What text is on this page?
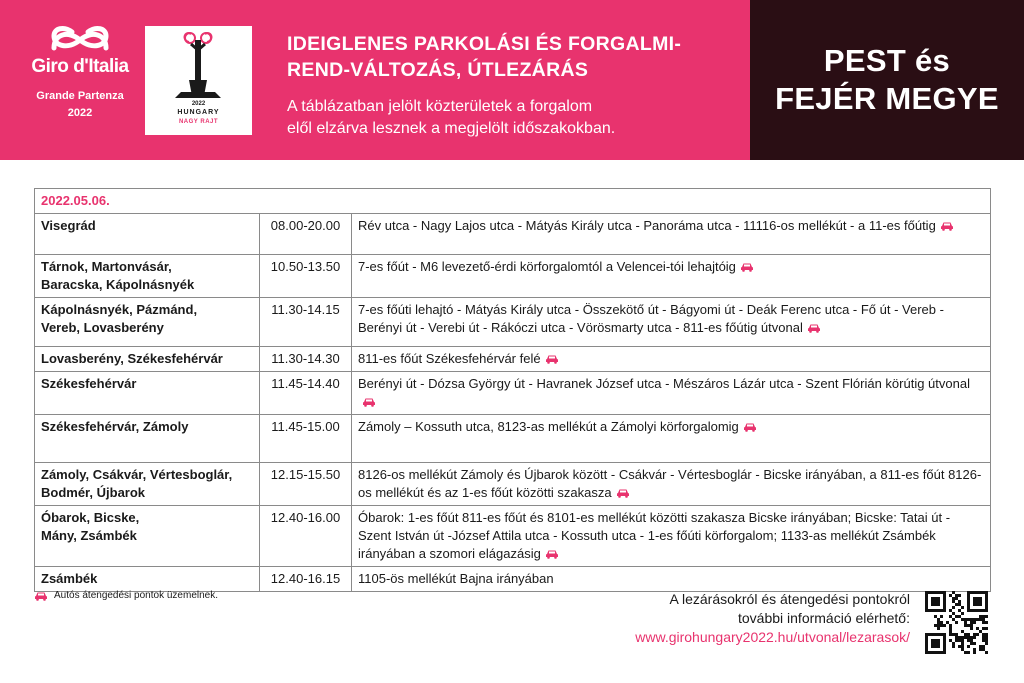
Giro d'Italia
Grande Partenza
2022
2022
HUNGARY
NAGY RAJT
IDEIGLENES PARKOLÁSI ÉS FORGALMI-
REND-VÁLTOZÁS, ÚTLEZÁRÁS
A táblázatban jelölt közterületek a forgalom
elől elzárva lesznek a megjelölt időszakokban.
PEST és
FEJÉR MEGYE
2022.05.06.		

Visegrád	08.00-20.00	Rév utca - Nagy Lajos utca - Mátyás Király utca - Panoráma utca - 11116-os mellékút - a 11-es főútig

Tárnok, Martonvásár,
Baracska, Kápolnásnyék	10.50-13.50	7-es főút - M6 levezető-érdi körforgalomtól a Velencei-tói lehajtóig

Kápolnásnyék, Pázmánd,
Vereb, Lovasberény	11.30-14.15	7-es főúti lehajtó - Mátyás Király utca - Összekötő út - Bágyomi út - Deák Ferenc utca - Fő út - Vereb - Berényi út - Verebi út - Rákóczi utca - Vörösmarty utca - 811-es főútig útvonal

Lovasberény, Székesfehérvár	11.30-14.30	811-es főút Székesfehérvár felé

Székesfehérvár	11.45-14.40	Berényi út - Dózsa György út - Havranek József utca - Mészáros Lázár utca - Szent Flórián körútig útvonal

Székesfehérvár, Zámoly	11.45-15.00	Zámoly – Kossuth utca, 8123-as mellékút a Zámolyi körforgalomig

Zámoly, Csákvár, Vértesboglár,
Bodmér, Újbarok	12.15-15.50	8126-os mellékút Zámoly és Újbarok között - Csákvár - Vértesboglár - Bicske irányában, a 811-es főút 8126-os mellékút és az 1-es főút közötti szakasza

Óbarok, Bicske,
Mány, Zsámbék	12.40-16.00	Óbarok: 1-es főút 811-es főút és 8101-es mellékút közötti szakasza Bicske irányában; Bicske: Tatai út - Szent István út -József Attila utca - Kossuth utca - 1-es főúti körforgalom; 1133-as mellékút Zsámbék irányában a szomori elágazásig

Zsámbék	12.40-16.15	1105-ös mellékút Bajna irányában
Autós átengedési pontok üzemelnek.	A lezárásokról és átengedési pontokról
további információ elérhető:
www.girohungary2022.hu/utvonal/lezarasok/
